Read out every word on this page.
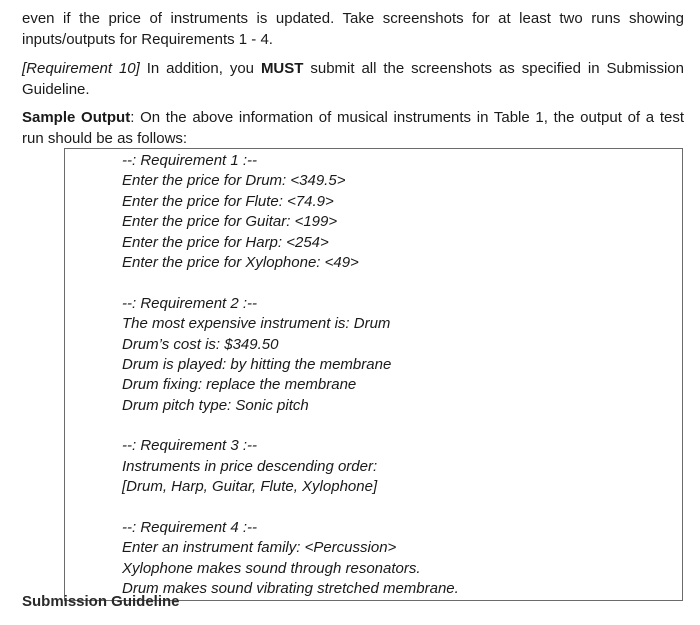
even if the price of instruments is updated. Take screenshots for at least two runs showing
inputs/outputs for Requirements 1 - 4.

[Requirement 10] In addition, you MUST submit all the screenshots as specified in Submission
Guideline.

Sample Output: On the above information of musical instruments in Table 1, the output of a test
run should be as follows:

--: Requirement 1 :--
Enter the price for Drum: <349.5>
Enter the price for Flute: <74.9>
Enter the price for Guitar: <199>
Enter the price for Harp: <254>
Enter the price for Xylophone: <49>
--: Requirement 2 :--
The most expensive instrument is: Drum
Drum’s cost is: $349.50
Drum is played: by hitting the membrane
Drum fixing: replace the membrane
Drum pitch type: Sonic pitch
--: Requirement 3 :--
Instruments in price descending order:
[Drum, Harp, Guitar, Flute, Xylophone]
--: Requirement 4 :--
Enter an instrument family: <Percussion>
Xylophone makes sound through resonators.
Drum makes sound vibrating stretched membrane.
Submission Guideline
